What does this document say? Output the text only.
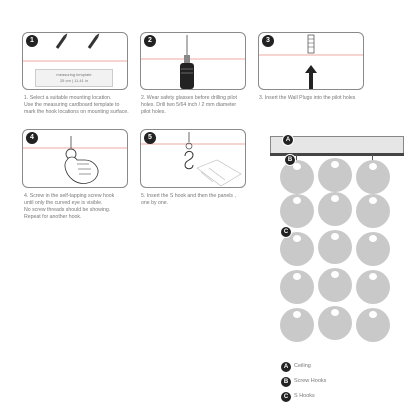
measuring template
25 cm | 11.41 in
1
1. Select a suitable mounting location.
Use the measuring cardboard template to
mark the hook locations on mounting surface.
2
2. Wear safety glasses before drilling pilot
holes. Drill two 5/64 inch / 2 mm diameter
pilot holes.
3
3. Insert the Wall Plugs into the pilot holes
4
4. Screw in the self-tapping screw hook
until only the curved eye is visible.
No screw threads should be showing.
Repeat for another hook.
5
5. Insert the S hook and then the panels ,
one by one.
A
B
C
A	Ceiling
B	Screw Hooks
C	S Hooks
